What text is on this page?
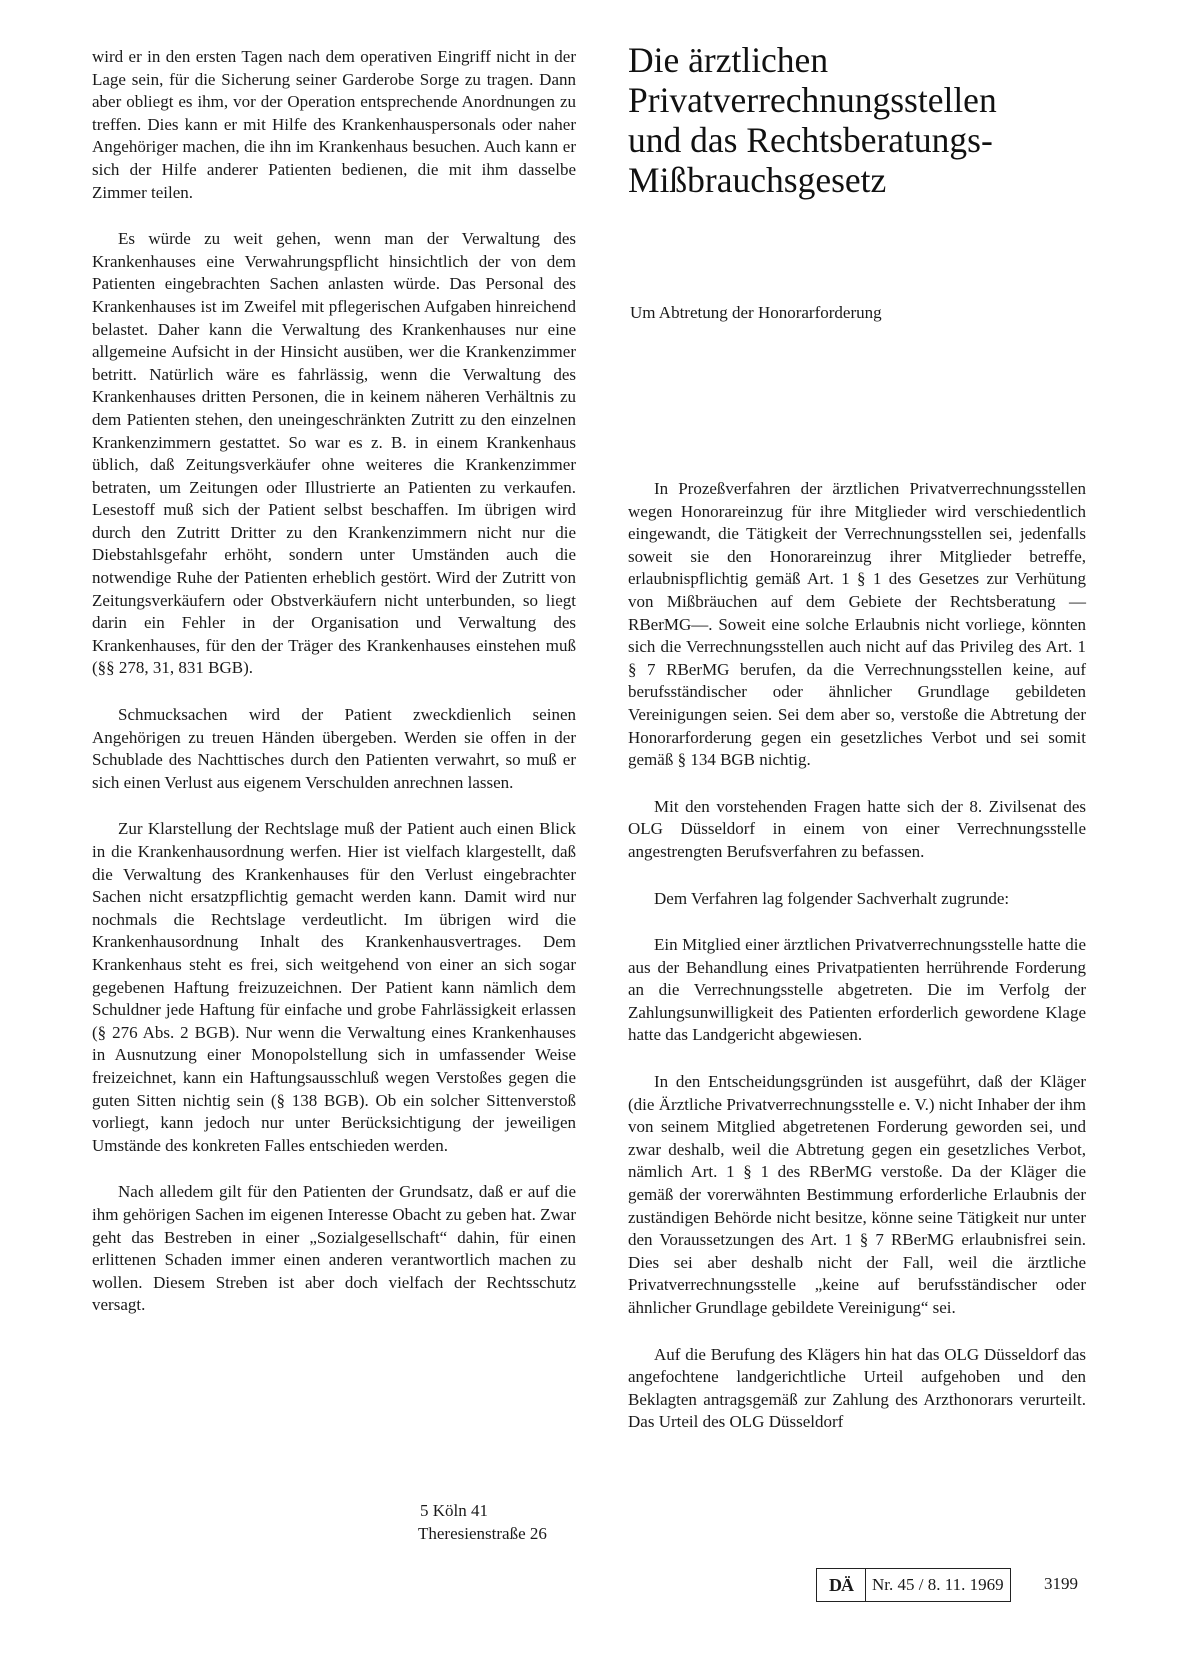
wird er in den ersten Tagen nach dem operativen Eingriff nicht in der Lage sein, für die Sicherung seiner Garderobe Sorge zu tragen. Dann aber obliegt es ihm, vor der Operation entsprechende Anordnungen zu treffen. Dies kann er mit Hilfe des Krankenhauspersonals oder naher Angehöriger machen, die ihn im Krankenhaus besuchen. Auch kann er sich der Hilfe anderer Patienten bedienen, die mit ihm dasselbe Zimmer teilen.

Es würde zu weit gehen, wenn man der Verwaltung des Krankenhauses eine Verwahrungspflicht hinsichtlich der von dem Patienten eingebrachten Sachen anlasten würde. Das Personal des Krankenhauses ist im Zweifel mit pflegerischen Aufgaben hinreichend belastet. Daher kann die Verwaltung des Krankenhauses nur eine allgemeine Aufsicht in der Hinsicht ausüben, wer die Krankenzimmer betritt. Natürlich wäre es fahrlässig, wenn die Verwaltung des Krankenhauses dritten Personen, die in keinem näheren Verhältnis zu dem Patienten stehen, den uneingeschränkten Zutritt zu den einzelnen Krankenzimmern gestattet. So war es z. B. in einem Krankenhaus üblich, daß Zeitungsverkäufer ohne weiteres die Krankenzimmer betraten, um Zeitungen oder Illustrierte an Patienten zu verkaufen. Lesestoff muß sich der Patient selbst beschaffen. Im übrigen wird durch den Zutritt Dritter zu den Krankenzimmern nicht nur die Diebstahlsgefahr erhöht, sondern unter Umständen auch die notwendige Ruhe der Patienten erheblich gestört. Wird der Zutritt von Zeitungsverkäufern oder Obstverkäufern nicht unterbunden, so liegt darin ein Fehler in der Organisation und Verwaltung des Krankenhauses, für den der Träger des Krankenhauses einstehen muß (§§ 278, 31, 831 BGB).

Schmucksachen wird der Patient zweckdienlich seinen Angehörigen zu treuen Händen übergeben. Werden sie offen in der Schublade des Nachttisches durch den Patienten verwahrt, so muß er sich einen Verlust aus eigenem Verschulden anrechnen lassen.

Zur Klarstellung der Rechtslage muß der Patient auch einen Blick in die Krankenhausordnung werfen. Hier ist vielfach klargestellt, daß die Verwaltung des Krankenhauses für den Verlust eingebrachter Sachen nicht ersatzpflichtig gemacht werden kann. Damit wird nur nochmals die Rechtslage verdeutlicht. Im übrigen wird die Krankenhausordnung Inhalt des Krankenhausvertrages. Dem Krankenhaus steht es frei, sich weitgehend von einer an sich sogar gegebenen Haftung freizuzeichnen. Der Patient kann nämlich dem Schuldner jede Haftung für einfache und grobe Fahrlässigkeit erlassen (§ 276 Abs. 2 BGB). Nur wenn die Verwaltung eines Krankenhauses in Ausnutzung einer Monopolstellung sich in umfassender Weise freizeichnet, kann ein Haftungsausschluß wegen Verstoßes gegen die guten Sitten nichtig sein (§ 138 BGB). Ob ein solcher Sittenverstoß vorliegt, kann jedoch nur unter Berücksichtigung der jeweiligen Umstände des konkreten Falles entschieden werden.

Nach alledem gilt für den Patienten der Grundsatz, daß er auf die ihm gehörigen Sachen im eigenen Interesse Obacht zu geben hat. Zwar geht das Bestreben in einer „Sozialgesellschaft“ dahin, für einen erlittenen Schaden immer einen anderen verantwortlich machen zu wollen. Diesem Streben ist aber doch vielfach der Rechtsschutz versagt.

5 Köln 41
Theresienstraße 26
Die ärztlichen
Privatverrechnungsstellen
und das Rechtsberatungs-
Mißbrauchsgesetz

Um Abtretung der Honorarforderung

In Prozeßverfahren der ärztlichen Privatverrechnungsstellen wegen Honorareinzug für ihre Mitglieder wird verschiedentlich eingewandt, die Tätigkeit der Verrechnungsstellen sei, jedenfalls soweit sie den Honorareinzug ihrer Mitglieder betreffe, erlaubnispflichtig gemäß Art. 1 § 1 des Gesetzes zur Verhütung von Mißbräuchen auf dem Gebiete der Rechtsberatung — RBerMG—. Soweit eine solche Erlaubnis nicht vorliege, könnten sich die Verrechnungsstellen auch nicht auf das Privileg des Art. 1 § 7 RBerMG berufen, da die Verrechnungsstellen keine, auf berufsständischer oder ähnlicher Grundlage gebildeten Vereinigungen seien. Sei dem aber so, verstoße die Abtretung der Honorarforderung gegen ein gesetzliches Verbot und sei somit gemäß § 134 BGB nichtig.

Mit den vorstehenden Fragen hatte sich der 8. Zivilsenat des OLG Düsseldorf in einem von einer Verrechnungsstelle angestrengten Berufsverfahren zu befassen.

Dem Verfahren lag folgender Sachverhalt zugrunde:

Ein Mitglied einer ärztlichen Privatverrechnungsstelle hatte die aus der Behandlung eines Privatpatienten herrührende Forderung an die Verrechnungsstelle abgetreten. Die im Verfolg der Zahlungsunwilligkeit des Patienten erforderlich gewordene Klage hatte das Landgericht abgewiesen.

In den Entscheidungsgründen ist ausgeführt, daß der Kläger (die Ärztliche Privatverrechnungsstelle e. V.) nicht Inhaber der ihm von seinem Mitglied abgetretenen Forderung geworden sei, und zwar deshalb, weil die Abtretung gegen ein gesetzliches Verbot, nämlich Art. 1 § 1 des RBerMG verstoße. Da der Kläger die gemäß der vorerwähnten Bestimmung erforderliche Erlaubnis der zuständigen Behörde nicht besitze, könne seine Tätigkeit nur unter den Voraussetzungen des Art. 1 § 7 RBerMG erlaubnisfrei sein. Dies sei aber deshalb nicht der Fall, weil die ärztliche Privatverrechnungsstelle „keine auf berufsständischer oder ähnlicher Grundlage gebildete Vereinigung“ sei.

Auf die Berufung des Klägers hin hat das OLG Düsseldorf das angefochtene landgerichtliche Urteil aufgehoben und den Beklagten antragsgemäß zur Zahlung des Arzthonorars verurteilt. Das Urteil des OLG Düsseldorf

DÄ	Nr. 45 / 8. 11. 1969	3199
